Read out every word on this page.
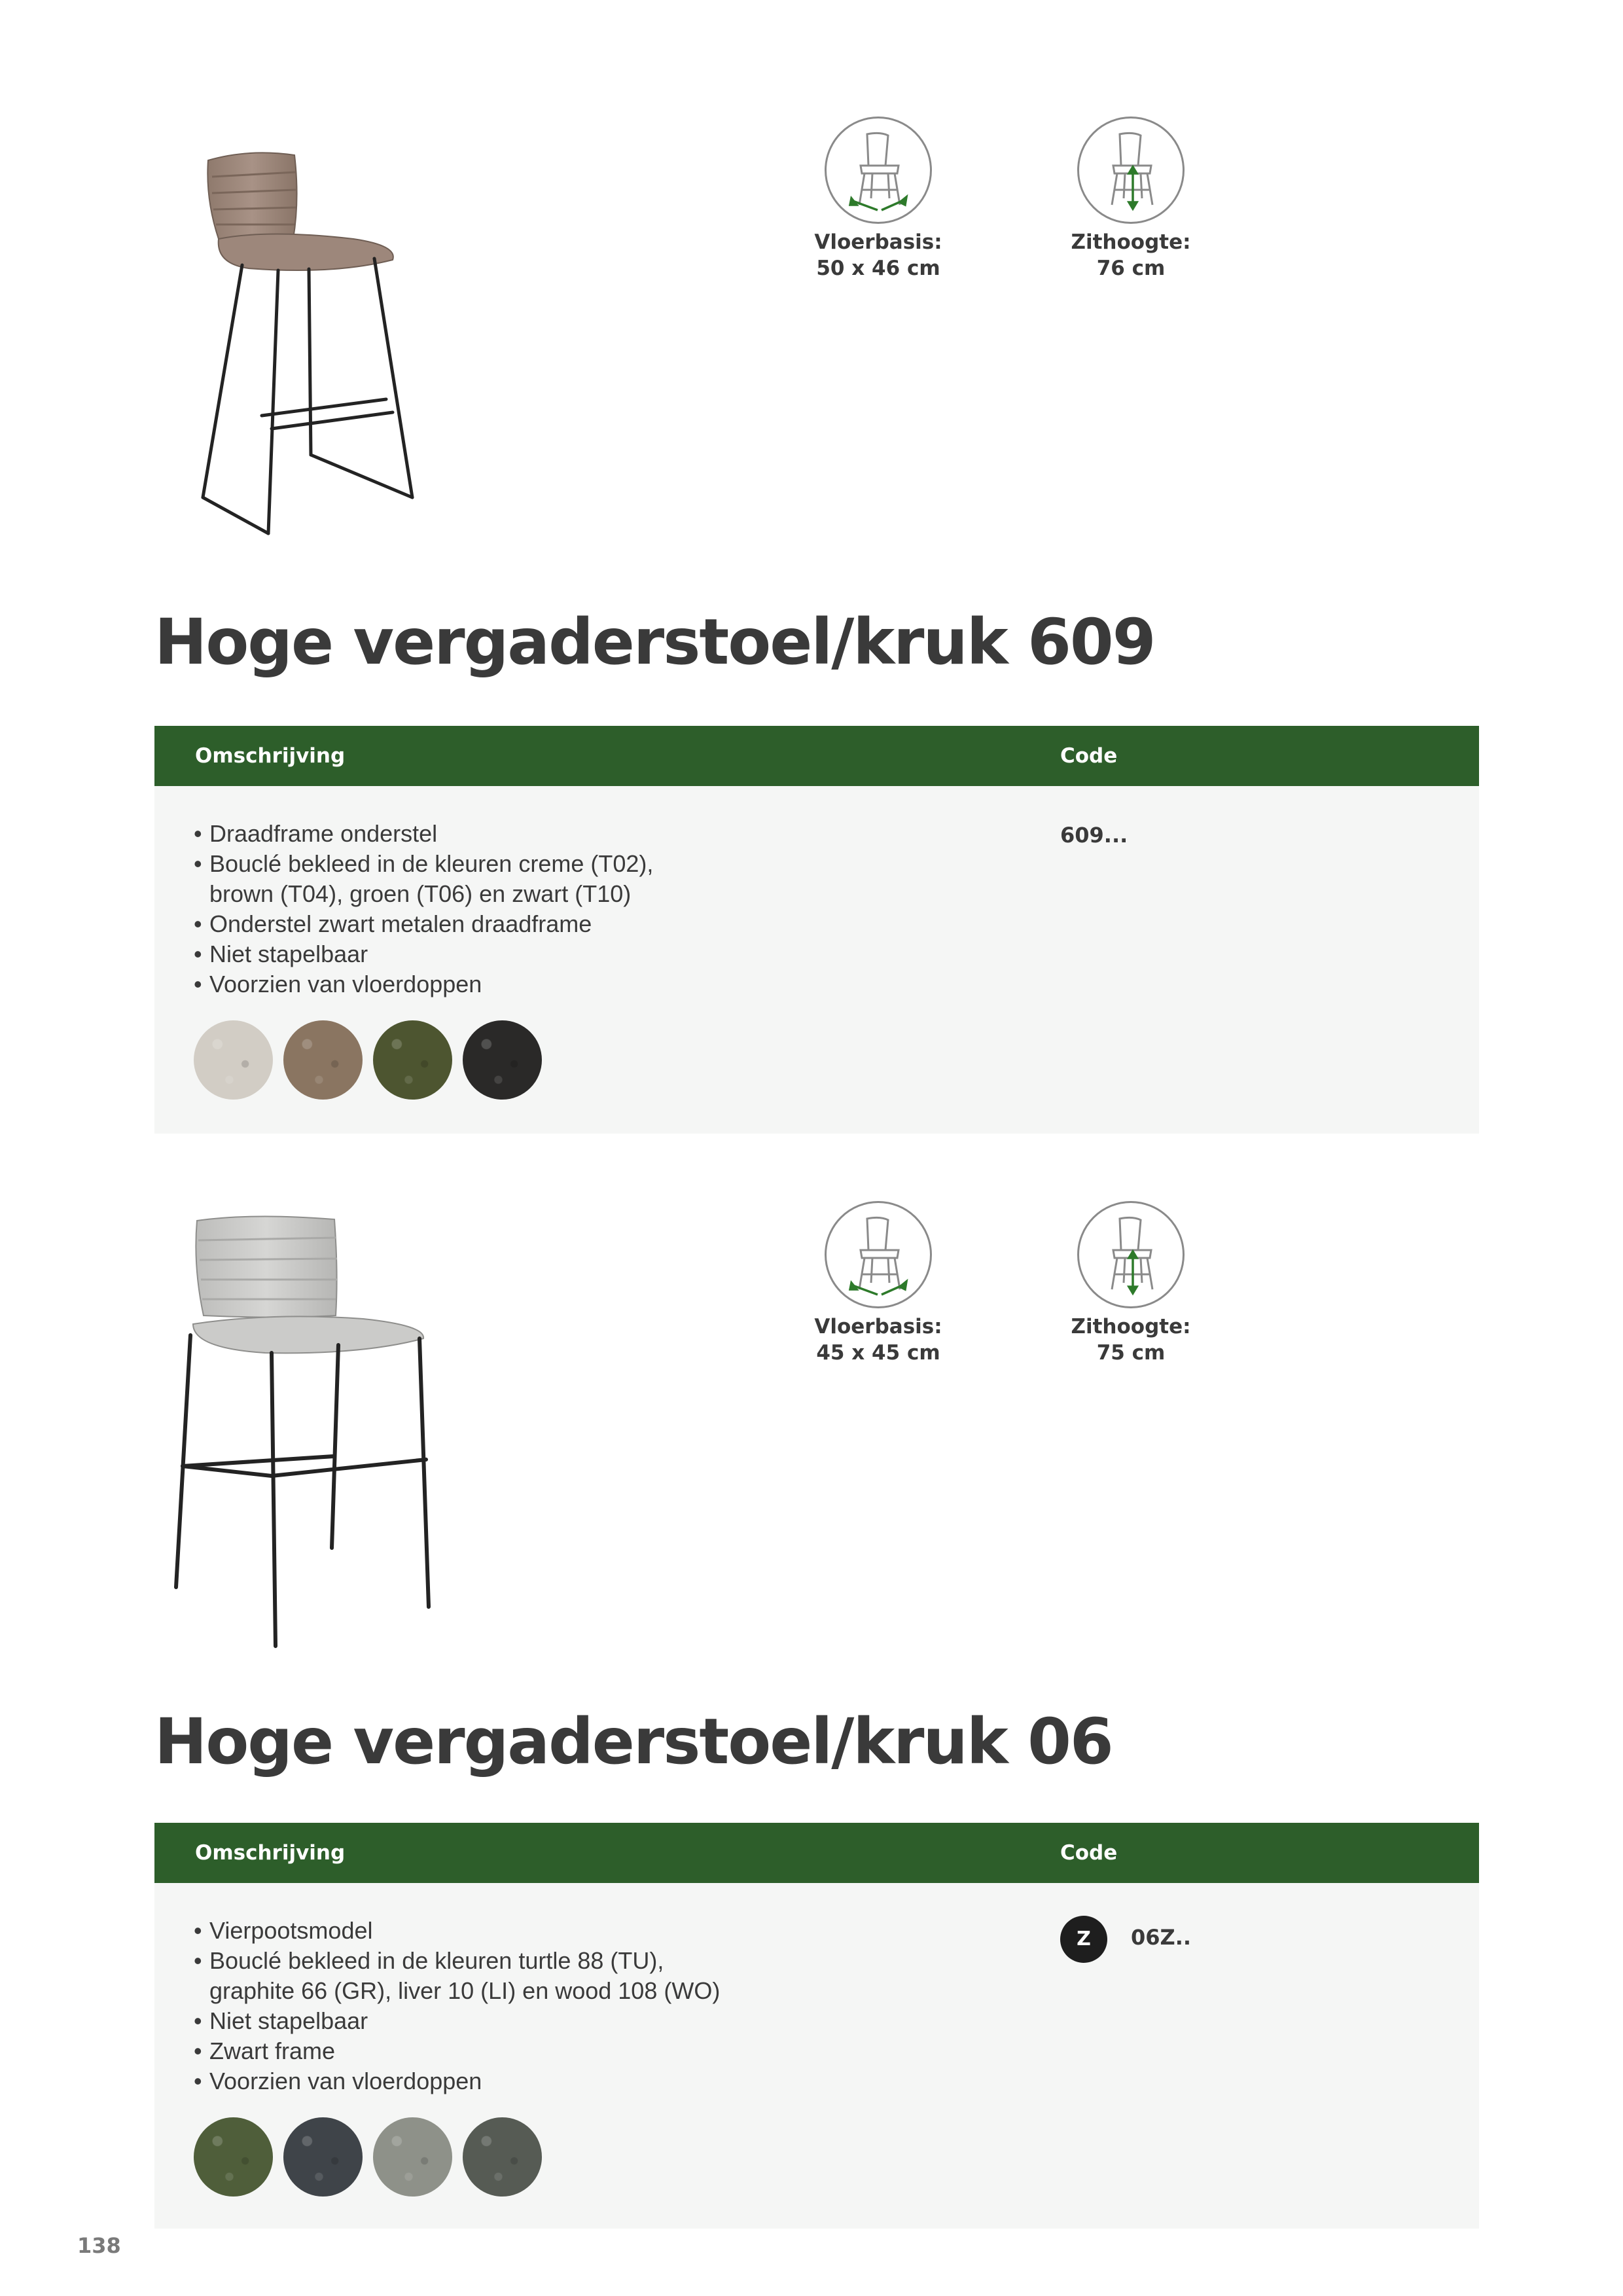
Vloerbasis:
50 x 46 cm
Zithoogte:
76 cm
Hoge vergaderstoel/kruk 609
Omschrijving	Code
• Draadframe onderstel
• Bouclé bekleed in de kleuren creme (T02), brown (T04), groen (T06) en zwart (T10)
• Onderstel zwart metalen draadframe
• Niet stapelbaar
• Voorzien van vloerdoppen
609...
Vloerbasis:
45 x 45 cm
Zithoogte:
75 cm
Hoge vergaderstoel/kruk 06
Omschrijving	Code
• Vierpootsmodel
• Bouclé bekleed in de kleuren turtle 88 (TU), graphite 66 (GR), liver 10 (LI) en wood 108 (WO)
• Niet stapelbaar
• Zwart frame
• Voorzien van vloerdoppen
Z	06Z..
138
